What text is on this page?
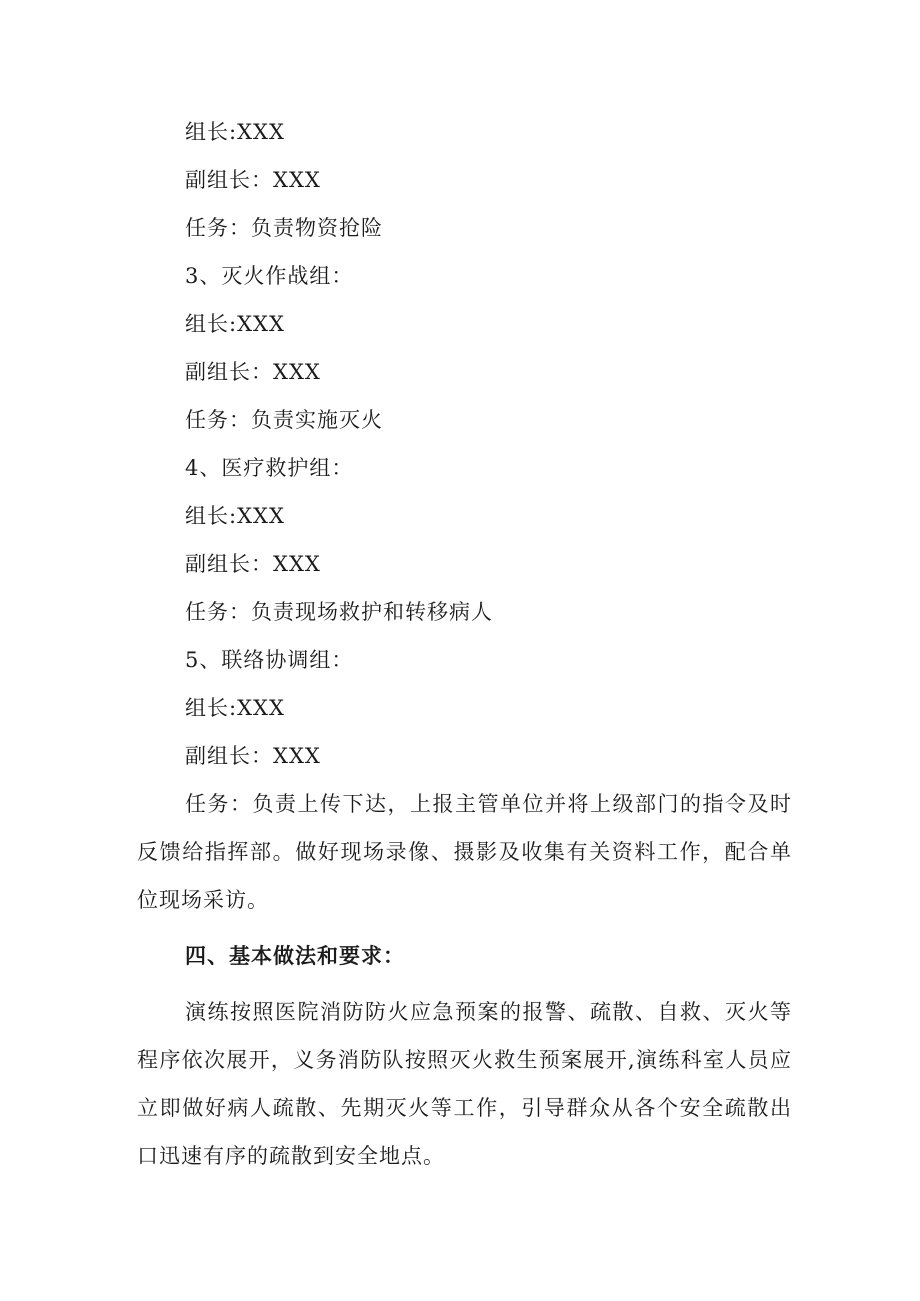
组长:XXX
副组长：XXX
任务：负责物资抢险
3、灭火作战组：
组长:XXX
副组长：XXX
任务：负责实施灭火
4、医疗救护组：
组长:XXX
副组长：XXX
任务：负责现场救护和转移病人
5、联络协调组：
组长:XXX
副组长：XXX

任务：负责上传下达，上报主管单位并将上级部门的指令及时反馈给指挥部。做好现场录像、摄影及收集有关资料工作，配合单位现场采访。

四、基本做法和要求：

演练按照医院消防防火应急预案的报警、疏散、自救、灭火等程序依次展开，义务消防队按照灭火救生预案展开,演练科室人员应立即做好病人疏散、先期灭火等工作，引导群众从各个安全疏散出口迅速有序的疏散到安全地点。
